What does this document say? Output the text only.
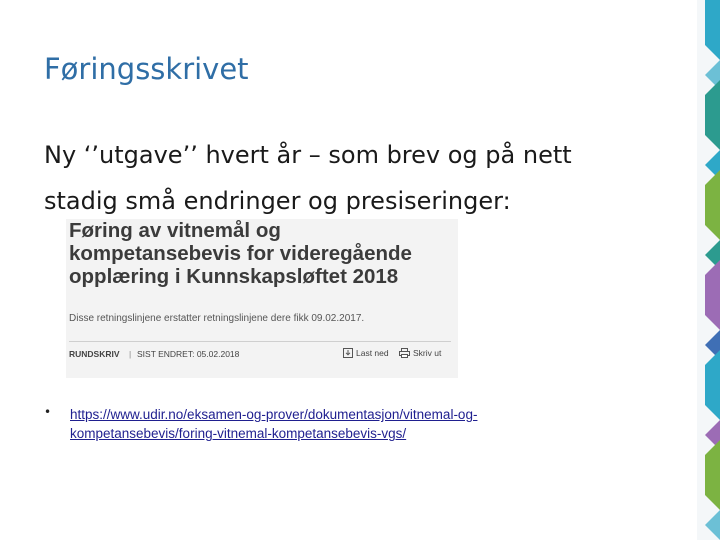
Føringsskrivet
Ny ‘’utgave’’ hvert år – som brev og på nett
stadig små endringer og presiseringer:
Føring av vitnemål og
kompetansebevis for videregående
opplæring i Kunnskapsløftet 2018
Disse retningslinjene erstatter retningslinjene dere fikk 09.02.2017.
RUNDSKRIV | SIST ENDRET: 05.02.2018	Last ned	Skriv ut
• https://www.udir.no/eksamen-og-prover/dokumentasjon/vitnemal-og-
kompetansebevis/foring-vitnemal-kompetansebevis-vgs/
